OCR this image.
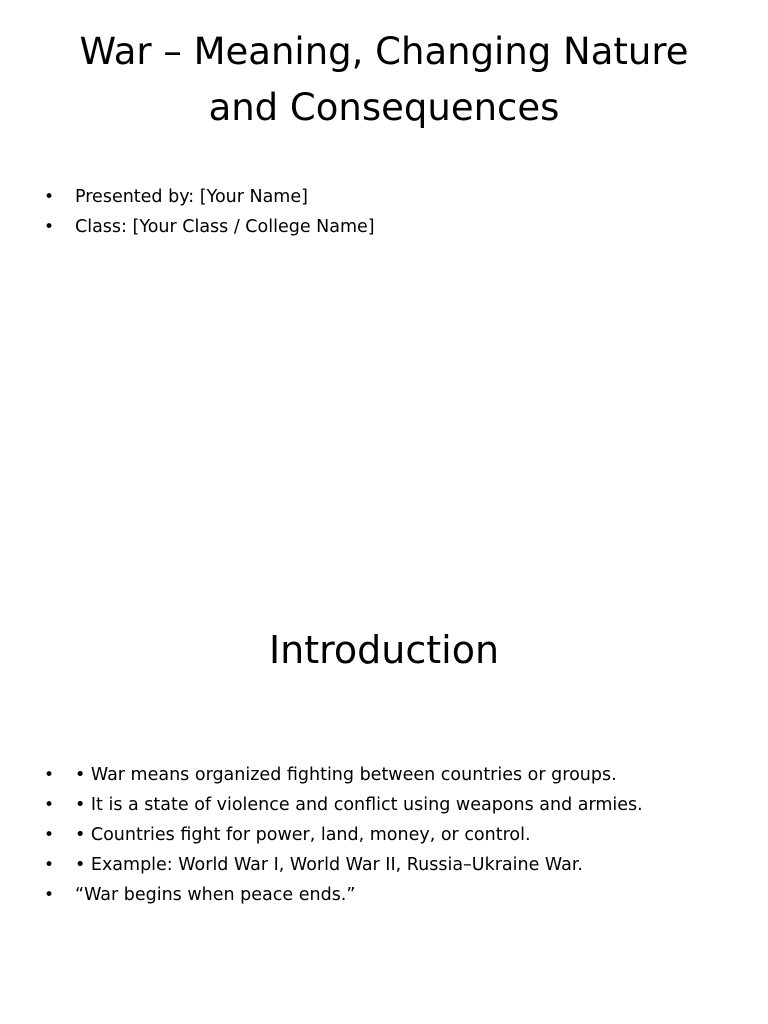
War – Meaning, Changing Nature
and Consequences
• Presented by: [Your Name]
• Class: [Your Class / College Name]
Introduction
• • War means organized fighting between countries or groups.
• • It is a state of violence and conflict using weapons and armies.
• • Countries fight for power, land, money, or control.
• • Example: World War I, World War II, Russia–Ukraine War.
• “War begins when peace ends.”
